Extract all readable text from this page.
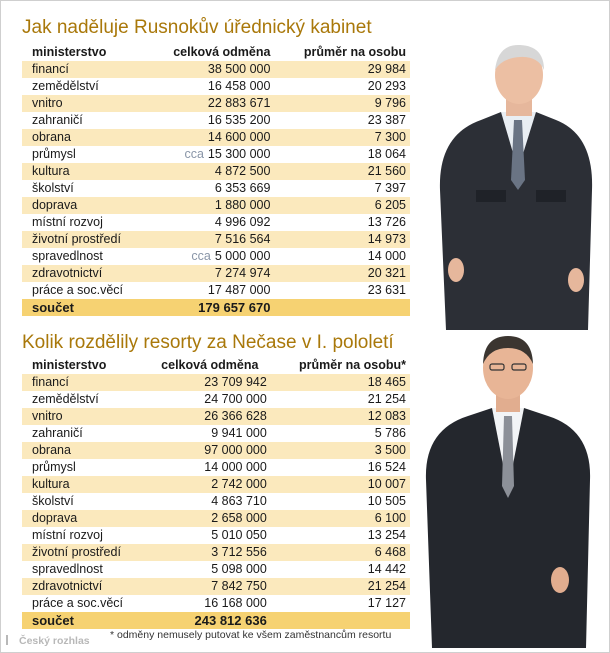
Jak naděluje Rusnokův úřednický kabinet
ministerstvo	celková odměna	průměr na osobu
financí	38 500 000	29 984
zemědělství	16 458 000	20 293
vnitro	22 883 671	9 796
zahraničí	16 535 200	23 387
obrana	14 600 000	7 300
průmysl	cca 15 300 000	18 064
kultura	4 872 500	21 560
školství	6 353 669	7 397
doprava	1 880 000	6 205
místní rozvoj	4 996 092	13 726
životní prostředí	7 516 564	14 973
spravedlnost	cca 5 000 000	14 000
zdravotnictví	7 274 974	20 321
práce a soc.věcí	17 487 000	23 631
součet	179 657 670	
Kolik rozdělily resorty za Nečase v I. pololetí
ministerstvo	celková odměna	průměr na osobu*
financí	23 709 942	18 465
zemědělství	24 700 000	21 254
vnitro	26 366 628	12 083
zahraničí	9 941 000	5 786
obrana	97 000 000	3 500
průmysl	14 000 000	16 524
kultura	2 742 000	10 007
školství	4 863 710	10 505
doprava	2 658 000	6 100
místní rozvoj	5 010 050	13 254
životní prostředí	3 712 556	6 468
spravedlnost	5 098 000	14 442
zdravotnictví	7 842 750	21 254
práce a soc.věcí	16 168 000	17 127
součet	243 812 636	
* odměny nemusely putovat ke všem zaměstnancům resortu
Český rozhlas
